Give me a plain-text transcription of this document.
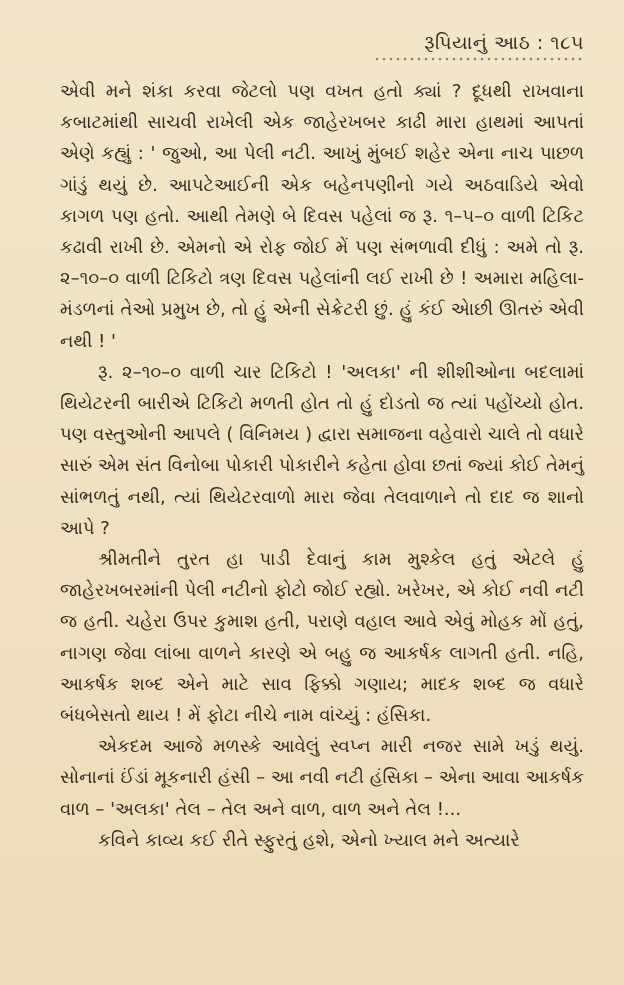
રૂપિયાનું આઠ : ૧૮૫

એવી મને શંકા કરવા જેટલો પણ વખત હતો ક્યાં ? દૂધથી રાખવાના કબાટમાંથી સાચવી રાખેલી એક જાહેરખબર કાઢી મારા હાથમાં આપતાં એણે કહ્યું : ' જુઓ, આ પેલી નટી. આખું મુંબઈ શહેર એના નાચ પાછળ ગાંડું થયું છે. આપટેઆઈની એક બહેનપણીનો ગયે અઠવાડિયે એવો કાગળ પણ હતો. આથી તેમણે બે દિવસ પહેલાં જ રૂ. ૧–૫–૦ વાળી ટિકિટ કઢાવી રાખી છે. એમનો એ રોફ જોઈ મેં પણ સંભળાવી દીધું : અમે તો રૂ. ૨–૧૦–૦ વાળી ટિકિટો ત્રણ દિવસ પહેલાંની લઈ રાખી છે ! અમારા મહિલા-મંડળનાં તેઓ પ્રમુખ છે, તો હું એની સેક્રેટરી છું. હું કંઈ એાછી ઊતરું એવી નથી ! '

રૂ. ૨–૧૦–૦ વાળી ચાર ટિકિટો ! 'અલકા' ની શીશીઓના બદલામાં થિયેટરની બારીએ ટિકિટો મળતી હોત તો હું દોડતો જ ત્યાં પહોંચ્યો હોત. પણ વસ્તુઓની આપલે ( વિનિમય ) દ્વારા સમાજના વહેવારો ચાલે તો વધારે સારું એમ સંત વિનોબા પોકારી પોકારીને કહેતા હોવા છતાં જ્યાં કોઈ તેમનું સાંભળતું નથી, ત્યાં થિયેટરવાળો મારા જેવા તેલવાળાને તો દાદ જ શાનો આપે ?

શ્રીમતીને તુરત હા પાડી દેવાનું કામ મુશ્કેલ હતું એટલે હું જાહેરખબરમાંની પેલી નટીનો ફોટો જોઈ રહ્યો. ખરેખર, એ કોઈ નવી નટી જ હતી. ચહેરા ઉપર કુમાશ હતી, પરાણે વહાલ આવે એવું મોહક મોં હતું, નાગણ જેવા લાંબા વાળને કારણે એ બહુ જ આકર્ષક લાગતી હતી. નહિ, આકર્ષક શબ્દ એને માટે સાવ ફિક્કો ગણાય; માદક શબ્દ જ વધારે બંધબેસતો થાય ! મેં ફોટા નીચે નામ વાંચ્યું : હંસિકા.

એકદમ આજે મળસ્કે આવેલું સ્વપ્ન મારી નજર સામે ખડું થયું. સોનાનાં ઈંડાં મૂકનારી હંસી – આ નવી નટી હંસિકા – એના આવા આકર્ષક વાળ – 'અલકા' તેલ – તેલ અને વાળ, વાળ અને તેલ !...

કવિને કાવ્ય કઈ રીતે સ્ફુરતું હશે, એનો ખ્યાલ મને અત્યારે
